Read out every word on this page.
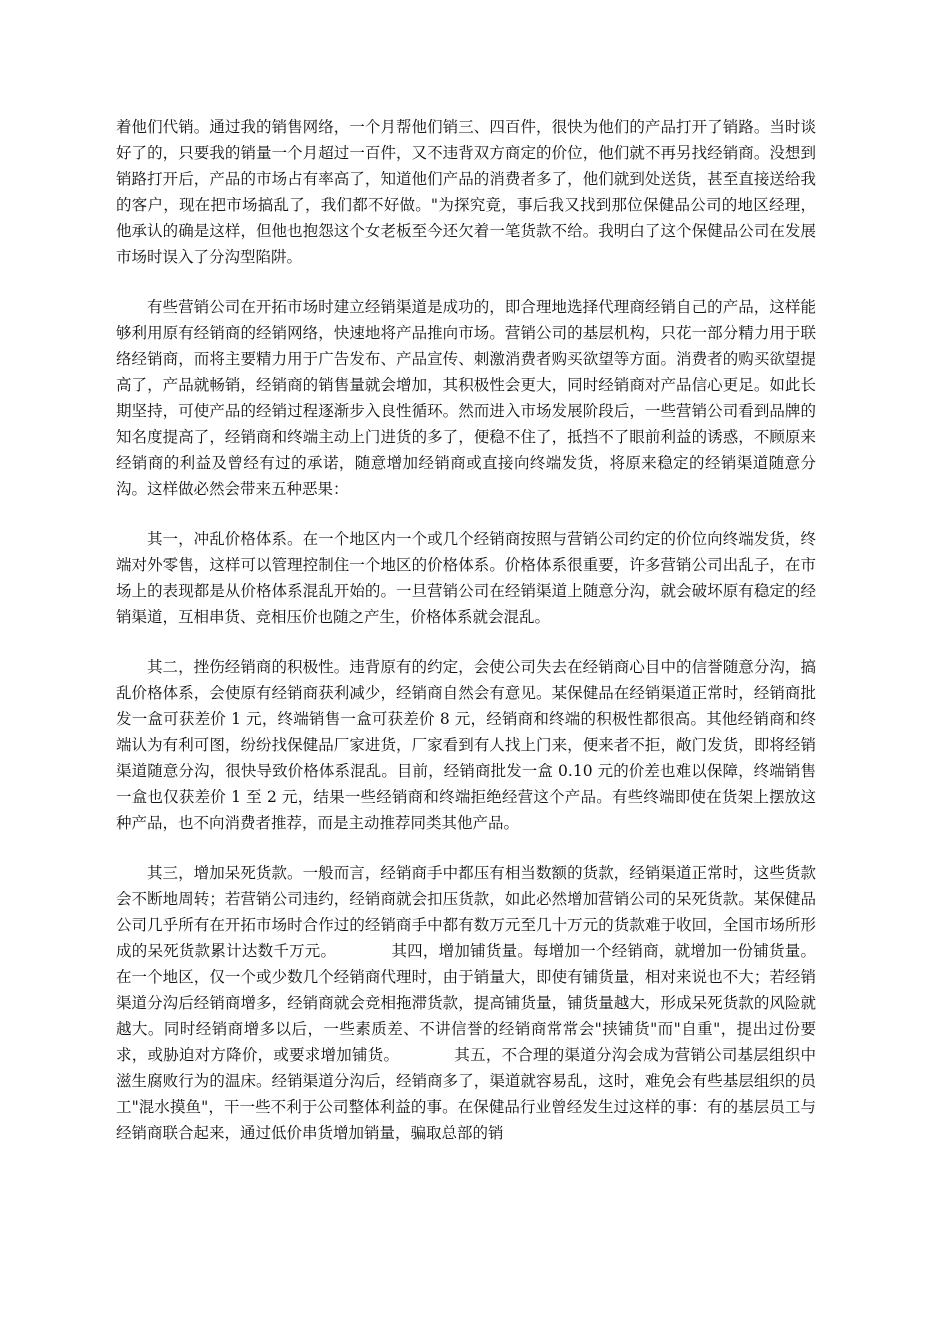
着他们代销。通过我的销售网络，一个月帮他们销三、四百件，很快为他们的产品打开了销路。当时谈好了的，只要我的销量一个月超过一百件，又不违背双方商定的价位，他们就不再另找经销商。没想到销路打开后，产品的市场占有率高了，知道他们产品的消费者多了，他们就到处送货，甚至直接送给我的客户，现在把市场搞乱了，我们都不好做。"为探究竟，事后我又找到那位保健品公司的地区经理，他承认的确是这样，但他也抱怨这个女老板至今还欠着一笔货款不给。我明白了这个保健品公司在发展市场时误入了分沟型陷阱。

有些营销公司在开拓市场时建立经销渠道是成功的，即合理地选择代理商经销自己的产品，这样能够利用原有经销商的经销网络，快速地将产品推向市场。营销公司的基层机构，只花一部分精力用于联络经销商，而将主要精力用于广告发布、产品宣传、刺激消费者购买欲望等方面。消费者的购买欲望提高了，产品就畅销，经销商的销售量就会增加，其积极性会更大，同时经销商对产品信心更足。如此长期坚持，可使产品的经销过程逐渐步入良性循环。然而进入市场发展阶段后，一些营销公司看到品牌的知名度提高了，经销商和终端主动上门进货的多了，便稳不住了，抵挡不了眼前利益的诱惑，不顾原来经销商的利益及曾经有过的承诺，随意增加经销商或直接向终端发货，将原来稳定的经销渠道随意分沟。这样做必然会带来五种恶果：

其一，冲乱价格体系。在一个地区内一个或几个经销商按照与营销公司约定的价位向终端发货，终端对外零售，这样可以管理控制住一个地区的价格体系。价格体系很重要，许多营销公司出乱子，在市场上的表现都是从价格体系混乱开始的。一旦营销公司在经销渠道上随意分沟，就会破坏原有稳定的经销渠道，互相串货、竞相压价也随之产生，价格体系就会混乱。

其二，挫伤经销商的积极性。违背原有的约定，会使公司失去在经销商心目中的信誉随意分沟，搞乱价格体系，会使原有经销商获利减少，经销商自然会有意见。某保健品在经销渠道正常时，经销商批发一盒可获差价 1 元，终端销售一盒可获差价 8 元，经销商和终端的积极性都很高。其他经销商和终端认为有利可图，纷纷找保健品厂家进货，厂家看到有人找上门来，便来者不拒，敞门发货，即将经销渠道随意分沟，很快导致价格体系混乱。目前，经销商批发一盒 0.10 元的价差也难以保障，终端销售一盒也仅获差价 1 至 2 元，结果一些经销商和终端拒绝经营这个产品。有些终端即使在货架上摆放这种产品，也不向消费者推荐，而是主动推荐同类其他产品。

其三，增加呆死货款。一般而言，经销商手中都压有相当数额的货款，经销渠道正常时，这些货款会不断地周转；若营销公司违约，经销商就会扣压货款，如此必然增加营销公司的呆死货款。某保健品公司几乎所有在开拓市场时合作过的经销商手中都有数万元至几十万元的货款难于收回，全国市场所形成的呆死货款累计达数千万元。　　　　其四，增加铺货量。每增加一个经销商，就增加一份铺货量。在一个地区，仅一个或少数几个经销商代理时，由于销量大，即使有铺货量，相对来说也不大；若经销渠道分沟后经销商增多，经销商就会竞相拖滞货款，提高铺货量，铺货量越大，形成呆死货款的风险就越大。同时经销商增多以后，一些素质差、不讲信誉的经销商常常会"挟铺货"而"自重"，提出过份要求，或胁迫对方降价，或要求增加铺货。　　　　其五，不合理的渠道分沟会成为营销公司基层组织中滋生腐败行为的温床。经销渠道分沟后，经销商多了，渠道就容易乱，这时，难免会有些基层组织的员工"混水摸鱼"，干一些不利于公司整体利益的事。在保健品行业曾经发生过这样的事：有的基层员工与经销商联合起来，通过低价串货增加销量，骗取总部的销
